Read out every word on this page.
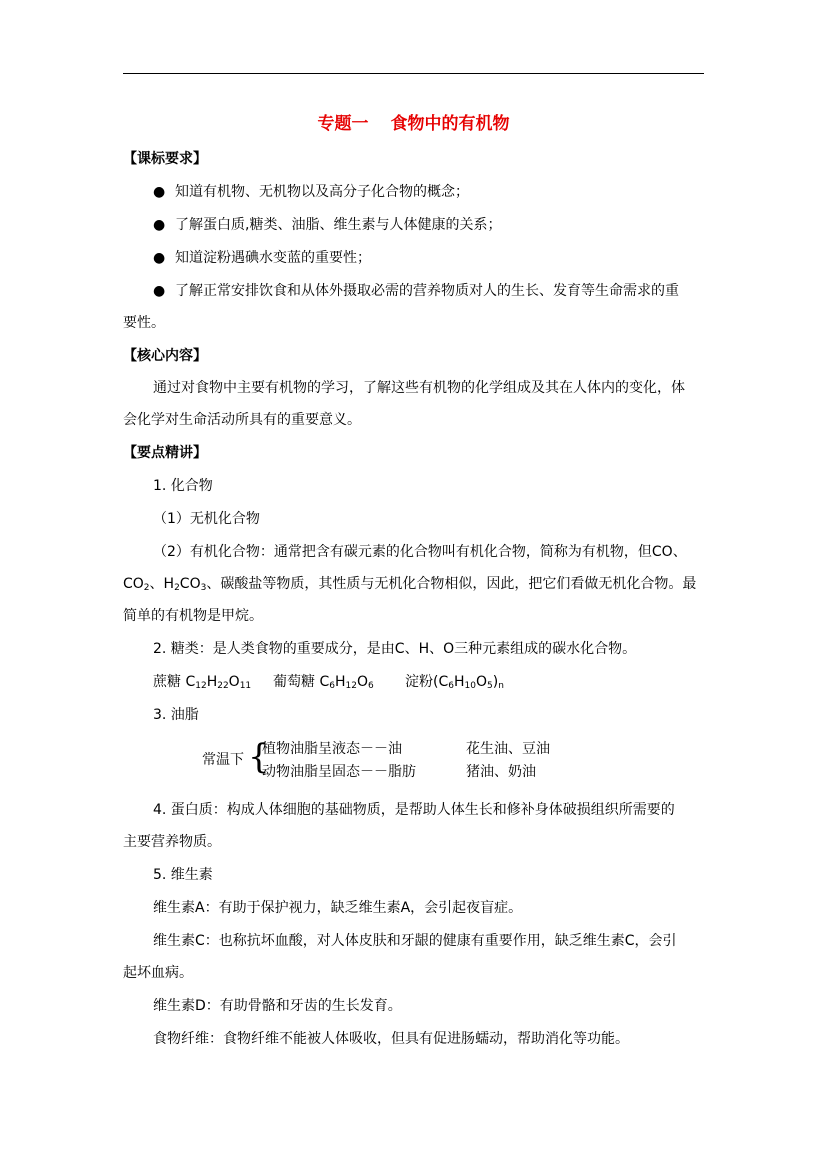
专题一 食物中的有机物
【课标要求】
● 知道有机物、无机物以及高分子化合物的概念；
● 了解蛋白质,糖类、油脂、维生素与人体健康的关系；
● 知道淀粉遇碘水变蓝的重要性；
● 了解正常安排饮食和从体外摄取必需的营养物质对人的生长、发育等生命需求的重
要性。
【核心内容】
通过对食物中主要有机物的学习，了解这些有机物的化学组成及其在人体内的变化，体
会化学对生命活动所具有的重要意义。
【要点精讲】
1. 化合物
（1）无机化合物
（2）有机化合物：通常把含有碳元素的化合物叫有机化合物，简称为有机物，但CO、
$CO_2$、$H_2CO_3$、碳酸盐等物质，其性质与无机化合物相似，因此，把它们看做无机化合物。最
简单的有机物是甲烷。
2. 糖类：是人类食物的重要成分，是由C、H、O三种元素组成的碳水化合物。
蔗糖 $C_{12}H_{22}O_{11}$ 葡萄糖 $C_6H_{12}O_6$ 淀粉$(C_6H_{10}O_5)_n$
3. 油脂
常温下 {
植物油脂呈液态－－油	花生油、豆油
动物油脂呈固态－－脂肪	猪油、奶油
4. 蛋白质：构成人体细胞的基础物质，是帮助人体生长和修补身体破损组织所需要的
主要营养物质。
5. 维生素
维生素A：有助于保护视力，缺乏维生素A，会引起夜盲症。
维生素C：也称抗坏血酸，对人体皮肤和牙龈的健康有重要作用，缺乏维生素C，会引
起坏血病。
维生素D：有助骨骼和牙齿的生长发育。
食物纤维：食物纤维不能被人体吸收，但具有促进肠蠕动，帮助消化等功能。
